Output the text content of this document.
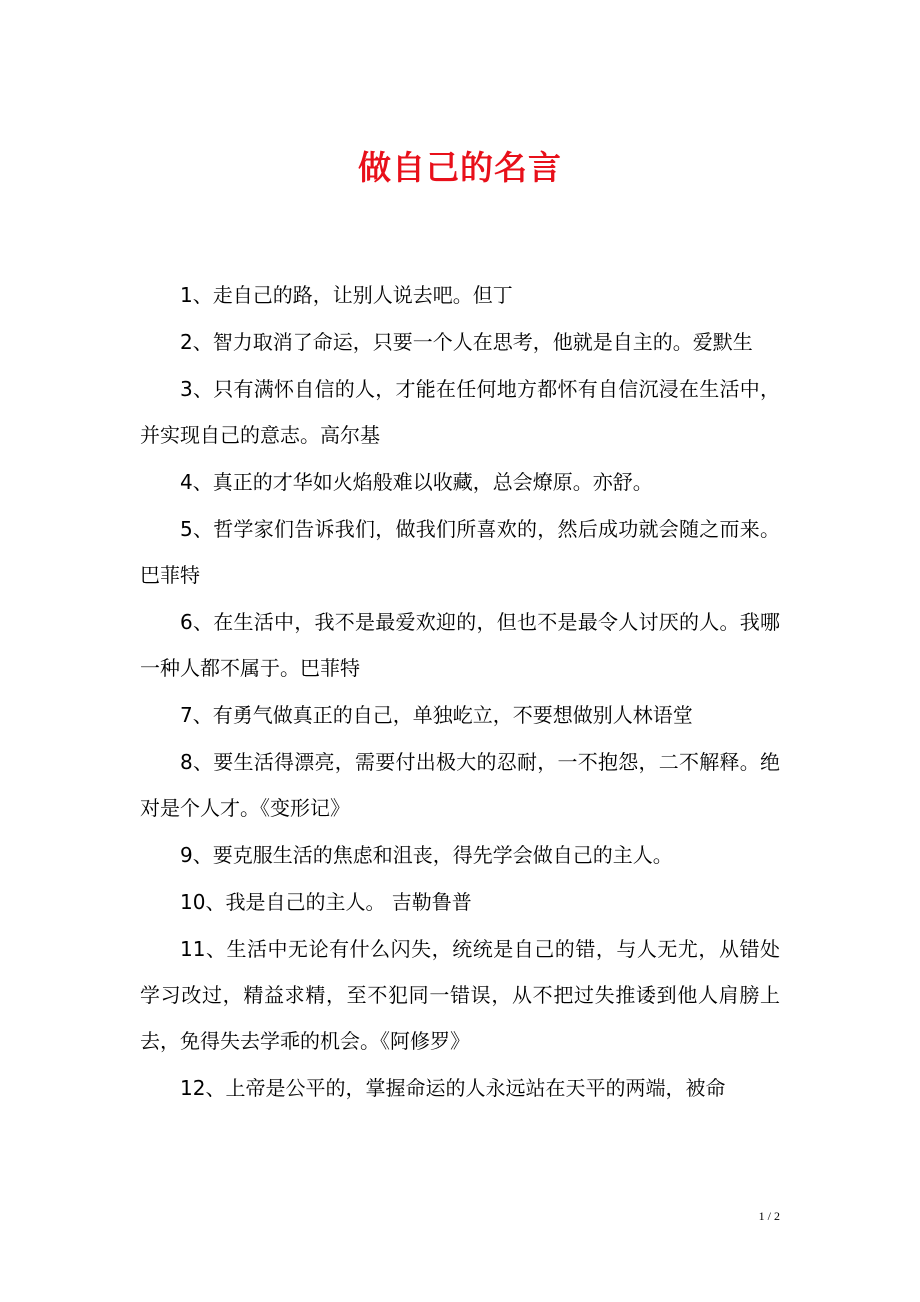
做自己的名言

1、走自己的路，让别人说去吧。但丁

2、智力取消了命运，只要一个人在思考，他就是自主的。爱默生

3、只有满怀自信的人，才能在任何地方都怀有自信沉浸在生活中，并实现自己的意志。高尔基

4、真正的才华如火焰般难以收藏，总会燎原。亦舒。

5、哲学家们告诉我们，做我们所喜欢的，然后成功就会随之而来。巴菲特

6、在生活中，我不是最爱欢迎的，但也不是最令人讨厌的人。我哪一种人都不属于。巴菲特

7、有勇气做真正的自己，单独屹立，不要想做别人林语堂

8、要生活得漂亮，需要付出极大的忍耐，一不抱怨，二不解释。绝对是个人才。《变形记》

9、要克服生活的焦虑和沮丧，得先学会做自己的主人。

10、我是自己的主人。 吉勒鲁普

11、生活中无论有什么闪失，统统是自己的错，与人无尤，从错处学习改过，精益求精，至不犯同一错误，从不把过失推诿到他人肩膀上去，免得失去学乖的机会。《阿修罗》

12、上帝是公平的，掌握命运的人永远站在天平的两端，被命

1 / 2
